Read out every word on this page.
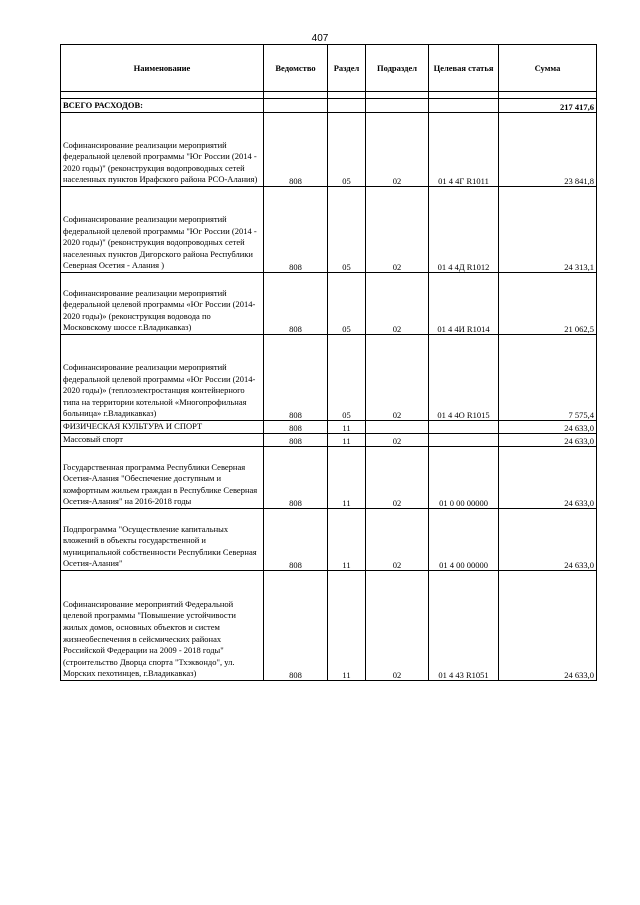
407
Наименование	Ведомство	Раздел	Подраздел	Целевая статья	Сумма

ВСЕГО РАСХОДОВ:					217 417,6
Софинансирование реализации мероприятий федеральной целевой программы "Юг России (2014 - 2020 годы)" (реконструкция водопроводных сетей населенных пунктов Ирафского района РСО-Алания)	808	05	02	01 4 4Г R1011	23 841,8
Софинансирование реализации мероприятий федеральной целевой программы "Юг России (2014 - 2020 годы)" (реконструкция водопроводных сетей населенных пунктов Дигорского района Республики Северная Осетия - Алания )	808	05	02	01 4 4Д R1012	24 313,1
Софинансирование реализации мероприятий федеральной целевой программы «Юг России (2014-2020 годы)» (реконструкция водовода по Московскому шоссе г.Владикавказ)	808	05	02	01 4 4И R1014	21 062,5
Софинансирование реализации мероприятий федеральной целевой программы «Юг России (2014-2020 годы)» (теплоэлектростанция контейнерного типа на территории котельной «Многопрофильная больница» г.Владикавказ)	808	05	02	01 4 4О R1015	7 575,4
ФИЗИЧЕСКАЯ КУЛЬТУРА И СПОРТ	808	11			24 633,0
Массовый спорт	808	11	02		24 633,0
Государственная программа Республики Северная Осетия-Алания "Обеспечение доступным и комфортным жильем граждан в Республике Северная Осетия-Алания" на 2016-2018 годы	808	11	02	01 0 00 00000	24 633,0
Подпрограмма "Осуществление капитальных вложений в объекты государственной и муниципальной собственности Республики Северная Осетия-Алания"	808	11	02	01 4 00 00000	24 633,0
Софинансирование мероприятий Федеральной целевой программы "Повышение устойчивости жилых домов, основных объектов и систем жизнеобеспечения в сейсмических районах Российской Федерации на 2009 - 2018 годы" (строительство Дворца спорта "Тхэквондо", ул. Морских пехотинцев, г.Владикавказ)	808	11	02	01 4 43 R1051	24 633,0
